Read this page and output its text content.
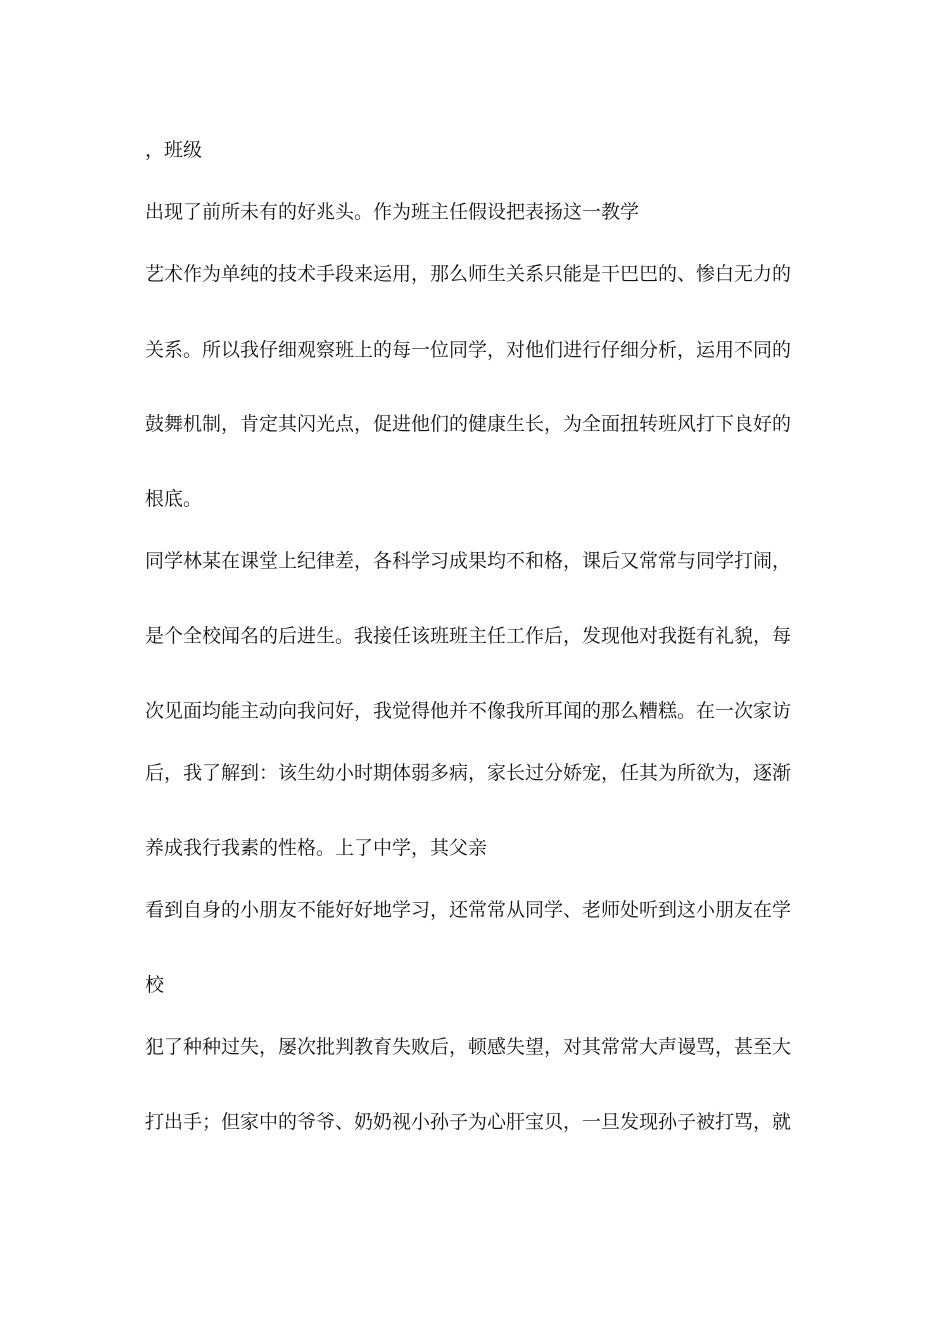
，班级
出现了前所未有的好兆头。作为班主任假设把表扬这一教学
艺术作为单纯的技术手段来运用，那么师生关系只能是干巴巴的、惨白无力的
关系。所以我仔细观察班上的每一位同学，对他们进行仔细分析，运用不同的
鼓舞机制，肯定其闪光点，促进他们的健康生长，为全面扭转班风打下良好的
根底。
同学林某在课堂上纪律差，各科学习成果均不和格，课后又常常与同学打闹，
是个全校闻名的后进生。我接任该班班主任工作后，发现他对我挺有礼貌，每
次见面均能主动向我问好，我觉得他并不像我所耳闻的那么糟糕。在一次家访
后，我了解到：该生幼小时期体弱多病，家长过分娇宠，任其为所欲为，逐渐
养成我行我素的性格。上了中学，其父亲
看到自身的小朋友不能好好地学习，还常常从同学、老师处听到这小朋友在学
校
犯了种种过失，屡次批判教育失败后，顿感失望，对其常常大声谩骂，甚至大
打出手；但家中的爷爷、奶奶视小孙子为心肝宝贝，一旦发现孙子被打骂，就
